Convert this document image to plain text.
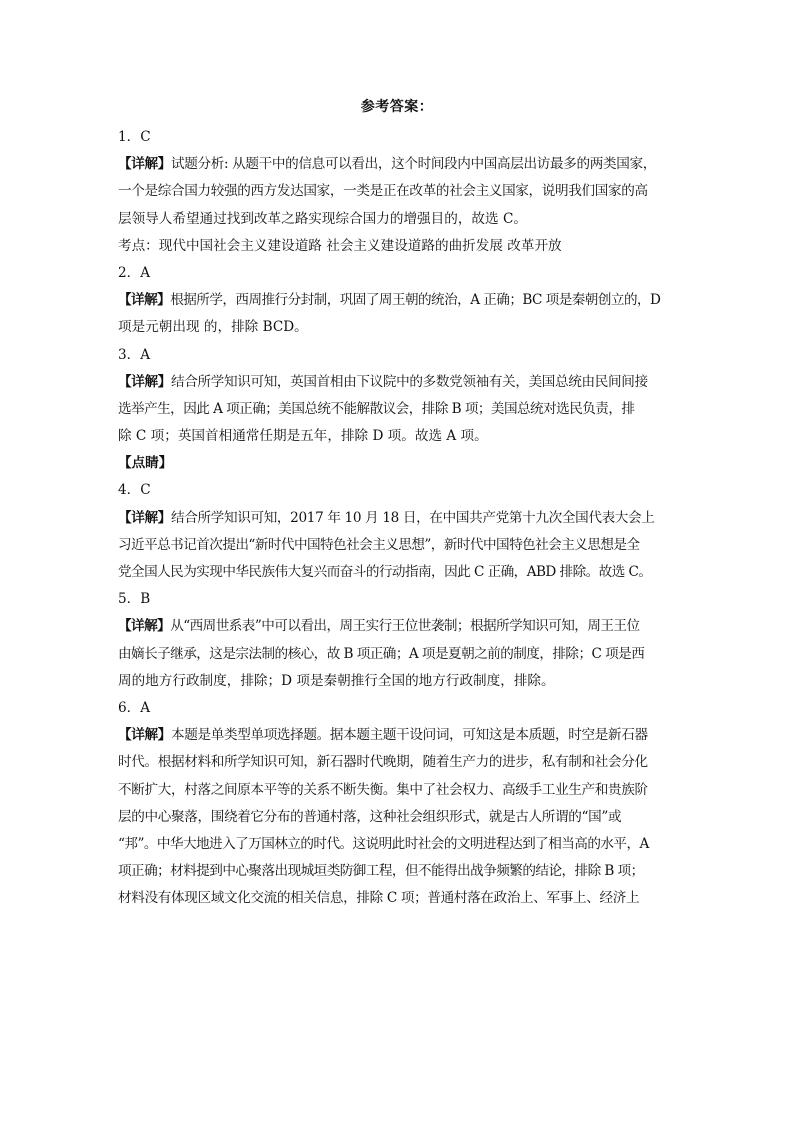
参考答案：
1．C
【详解】试题分析: 从题干中的信息可以看出，这个时间段内中国高层出访最多的两类国家，
一个是综合国力较强的西方发达国家，一类是正在改革的社会主义国家，说明我们国家的高
层领导人希望通过找到改革之路实现综合国力的增强目的，故选 C。
考点：现代中国社会主义建设道路 社会主义建设道路的曲折发展 改革开放
2．A
【详解】根据所学，西周推行分封制，巩固了周王朝的统治，A 正确；BC 项是秦朝创立的，D
项是元朝出现 的，排除 BCD。
3．A
【详解】结合所学知识可知，英国首相由下议院中的多数党领袖有关，美国总统由民间间接
选举产生，因此 A 项正确；美国总统不能解散议会，排除 B 项；美国总统对选民负责，排
除 C 项；英国首相通常任期是五年，排除 D 项。故选 A 项。
【点睛】
4．C
【详解】结合所学知识可知，2017 年 10 月 18 日，在中国共产党第十九次全国代表大会上
习近平总书记首次提出“新时代中国特色社会主义思想”，新时代中国特色社会主义思想是全
党全国人民为实现中华民族伟大复兴而奋斗的行动指南，因此 C 正确，ABD 排除。故选 C。
5．B
【详解】从“西周世系表”中可以看出，周王实行王位世袭制；根据所学知识可知，周王王位
由嫡长子继承，这是宗法制的核心，故 B 项正确；A 项是夏朝之前的制度，排除；C 项是西
周的地方行政制度，排除；D 项是秦朝推行全国的地方行政制度，排除。
6．A
【详解】本题是单类型单项选择题。据本题主题干设问词，可知这是本质题，时空是新石器
时代。根据材料和所学知识可知，新石器时代晚期，随着生产力的进步，私有制和社会分化
不断扩大，村落之间原本平等的关系不断失衡。集中了社会权力、高级手工业生产和贵族阶
层的中心聚落，围绕着它分布的普通村落，这种社会组织形式，就是古人所谓的“国”或
“邦”。中华大地进入了万国林立的时代。这说明此时社会的文明进程达到了相当高的水平，A
项正确；材料提到中心聚落出现城垣类防御工程，但不能得出战争频繁的结论，排除 B 项；
材料没有体现区域文化交流的相关信息，排除 C 项；普通村落在政治上、军事上、经济上
